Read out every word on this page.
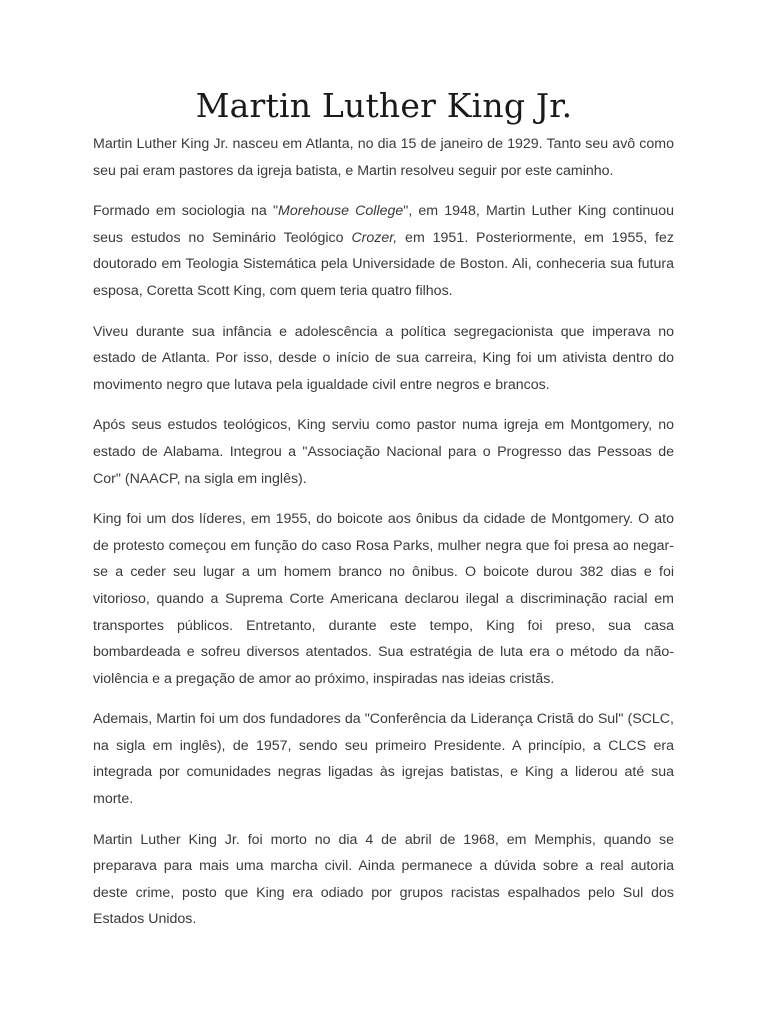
Martin Luther King Jr.

Martin Luther King Jr. nasceu em Atlanta, no dia 15 de janeiro de 1929. Tanto seu avô como seu pai eram pastores da igreja batista, e Martin resolveu seguir por este caminho.

Formado em sociologia na "Morehouse College", em 1948, Martin Luther King continuou seus estudos no Seminário Teológico Crozer, em 1951. Posteriormente, em 1955, fez doutorado em Teologia Sistemática pela Universidade de Boston. Ali, conheceria sua futura esposa, Coretta Scott King, com quem teria quatro filhos.

Viveu durante sua infância e adolescência a política segregacionista que imperava no estado de Atlanta. Por isso, desde o início de sua carreira, King foi um ativista dentro do movimento negro que lutava pela igualdade civil entre negros e brancos.

Após seus estudos teológicos, King serviu como pastor numa igreja em Montgomery, no estado de Alabama. Integrou a "Associação Nacional para o Progresso das Pessoas de Cor" (NAACP, na sigla em inglês).

King foi um dos líderes, em 1955, do boicote aos ônibus da cidade de Montgomery. O ato de protesto começou em função do caso Rosa Parks, mulher negra que foi presa ao negar-se a ceder seu lugar a um homem branco no ônibus. O boicote durou 382 dias e foi vitorioso, quando a Suprema Corte Americana declarou ilegal a discriminação racial em transportes públicos. Entretanto, durante este tempo, King foi preso, sua casa bombardeada e sofreu diversos atentados. Sua estratégia de luta era o método da não-violência e a pregação de amor ao próximo, inspiradas nas ideias cristãs.

Ademais, Martin foi um dos fundadores da "Conferência da Liderança Cristã do Sul" (SCLC, na sigla em inglês), de 1957, sendo seu primeiro Presidente. A princípio, a CLCS era integrada por comunidades negras ligadas às igrejas batistas, e King a liderou até sua morte.

Martin Luther King Jr. foi morto no dia 4 de abril de 1968, em Memphis, quando se preparava para mais uma marcha civil. Ainda permanece a dúvida sobre a real autoria deste crime, posto que King era odiado por grupos racistas espalhados pelo Sul dos Estados Unidos.
